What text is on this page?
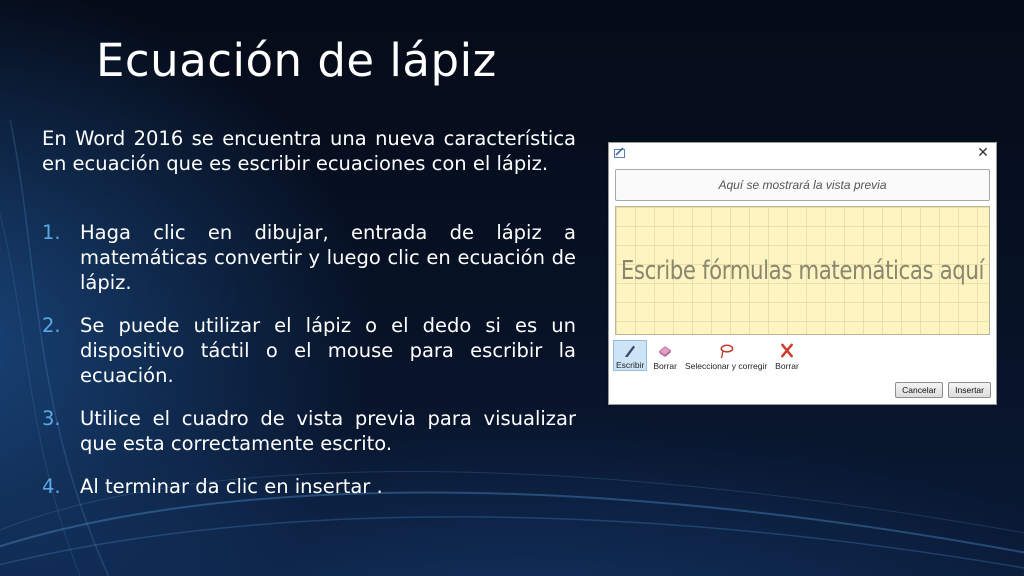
Ecuación de lápiz

En Word 2016 se encuentra una nueva característica en ecuación que es escribir ecuaciones con el lápiz.

1. Haga clic en dibujar, entrada de lápiz a matemáticas convertir y luego clic en ecuación de lápiz.
2. Se puede utilizar el lápiz o el dedo si es un dispositivo táctil o el mouse para escribir la ecuación.
3. Utilice el cuadro de vista previa para visualizar que esta correctamente escrito.
4. Al terminar da clic en insertar .
✕
Aquí se mostrará la vista previa
Escribe fórmulas matemáticas aquí
Escribir Borrar Seleccionar y corregir Borrar
Cancelar	Insertar
